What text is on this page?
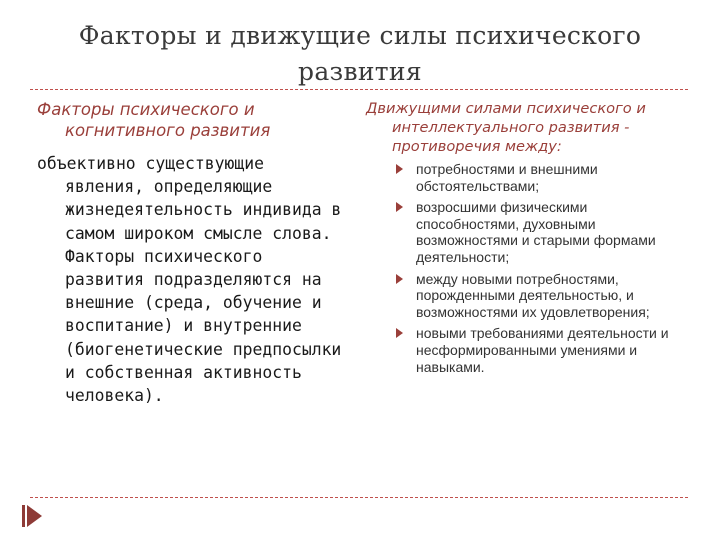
Факторы и движущие силы психического развития

Факторы психического и когнитивного развития

объективно существующие явления, определяющие жизнедеятельность индивида в самом широком смысле слова. Факторы психического развития подразделяются на внешние (среда, обучение и воспитание) и внутренние (биогенетические предпосылки и собственная активность человека).

Движущими силами психического и интеллектуального развития - противоречия между:

потребностями и внешними обстоятельствами;
возросшими физическими способностями, духовными возможностями и старыми формами деятельности;
между новыми потребностями, порожденными деятельностью, и возможностями их удовлетворения;
новыми требованиями деятельности и несформированными умениями и навыками.
